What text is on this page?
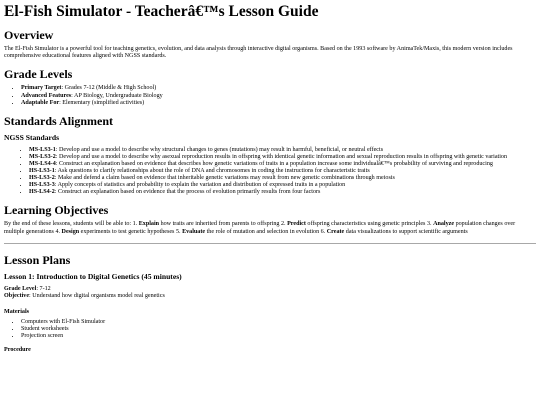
El-Fish Simulator - Teacherâ€™s Lesson Guide
Overview

The El-Fish Simulator is a powerful tool for teaching genetics, evolution, and data analysis through interactive digital organisms. Based on the 1993 software by AnimaTek/Maxis, this modern version includes comprehensive educational features aligned with NGSS standards.

Grade Levels
• Primary Target: Grades 7-12 (Middle & High School)
• Advanced Features: AP Biology, Undergraduate Biology
• Adaptable For: Elementary (simplified activities)
Standards Alignment
NGSS Standards
• MS-LS3-1: Develop and use a model to describe why structural changes to genes (mutations) may result in harmful, beneficial, or neutral effects
• MS-LS3-2: Develop and use a model to describe why asexual reproduction results in offspring with identical genetic information and sexual reproduction results in offspring with genetic variation
• MS-LS4-4: Construct an explanation based on evidence that describes how genetic variations of traits in a population increase some individualâ€™s probability of surviving and reproducing
• HS-LS3-1: Ask questions to clarify relationships about the role of DNA and chromosomes in coding the instructions for characteristic traits
• HS-LS3-2: Make and defend a claim based on evidence that inheritable genetic variations may result from new genetic combinations through meiosis
• HS-LS3-3: Apply concepts of statistics and probability to explain the variation and distribution of expressed traits in a population
• HS-LS4-2: Construct an explanation based on evidence that the process of evolution primarily results from four factors
Learning Objectives

By the end of these lessons, students will be able to: 1. Explain how traits are inherited from parents to offspring 2. Predict offspring characteristics using genetic principles 3. Analyze population changes over multiple generations 4. Design experiments to test genetic hypotheses 5. Evaluate the role of mutation and selection in evolution 6. Create data visualizations to support scientific arguments

Lesson Plans
Lesson 1: Introduction to Digital Genetics (45 minutes)

Grade Level: 7-12
Objective: Understand how digital organisms model real genetics

Materials
• Computers with El-Fish Simulator
• Student worksheets
• Projection screen
Procedure
